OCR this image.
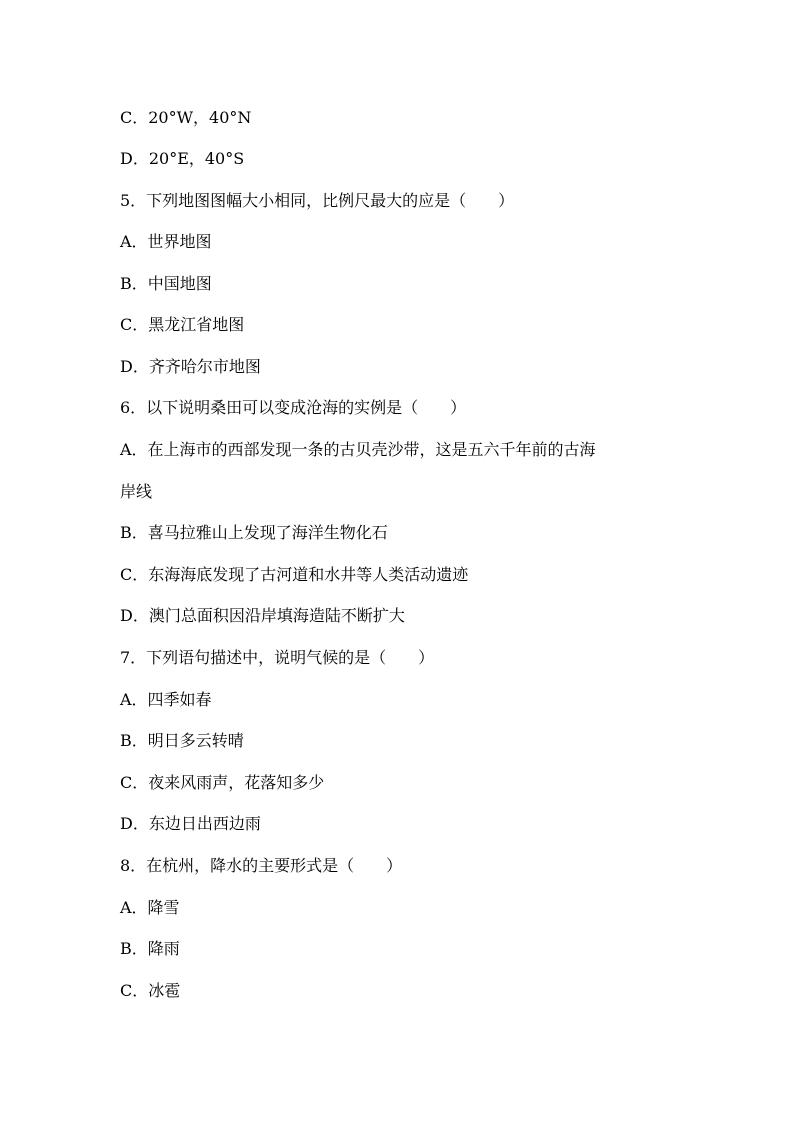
C．20°W，40°N
D．20°E，40°S
5．下列地图图幅大小相同，比例尺最大的应是（　　）
A．世界地图
B．中国地图
C．黑龙江省地图
D．齐齐哈尔市地图
6．以下说明桑田可以变成沧海的实例是（　　）
A．在上海市的西部发现一条的古贝壳沙带，这是五六千年前的古海
岸线
B．喜马拉雅山上发现了海洋生物化石
C．东海海底发现了古河道和水井等人类活动遗迹
D．澳门总面积因沿岸填海造陆不断扩大
7．下列语句描述中，说明气候的是（　　）
A．四季如春
B．明日多云转晴
C．夜来风雨声，花落知多少
D．东边日出西边雨
8．在杭州，降水的主要形式是（　　）
A．降雪
B．降雨
C．冰雹
